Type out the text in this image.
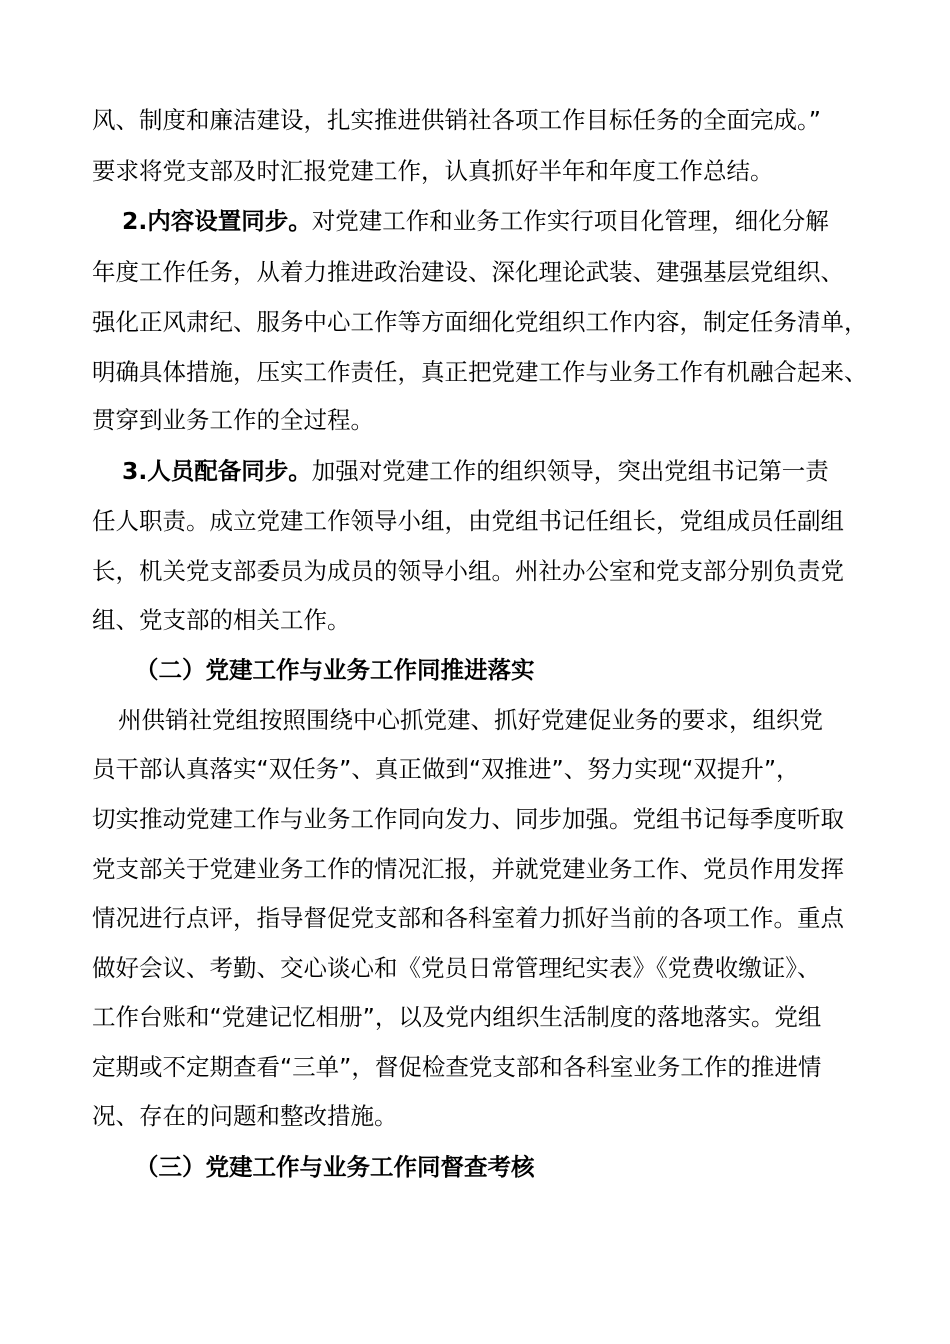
风、制度和廉洁建设，扎实推进供销社各项工作目标任务的全面完成。”
要求将党支部及时汇报党建工作，认真抓好半年和年度工作总结。
2.内容设置同步。对党建工作和业务工作实行项目化管理，细化分解
年度工作任务，从着力推进政治建设、深化理论武装、建强基层党组织、
强化正风肃纪、服务中心工作等方面细化党组织工作内容，制定任务清单，
明确具体措施，压实工作责任，真正把党建工作与业务工作有机融合起来、
贯穿到业务工作的全过程。
3.人员配备同步。加强对党建工作的组织领导，突出党组书记第一责
任人职责。成立党建工作领导小组，由党组书记任组长，党组成员任副组
长，机关党支部委员为成员的领导小组。州社办公室和党支部分别负责党
组、党支部的相关工作。
（二）党建工作与业务工作同推进落实
州供销社党组按照围绕中心抓党建、抓好党建促业务的要求，组织党
员干部认真落实“双任务”、真正做到“双推进”、努力实现“双提升”，
切实推动党建工作与业务工作同向发力、同步加强。党组书记每季度听取
党支部关于党建业务工作的情况汇报，并就党建业务工作、党员作用发挥
情况进行点评，指导督促党支部和各科室着力抓好当前的各项工作。重点
做好会议、考勤、交心谈心和《党员日常管理纪实表》《党费收缴证》、
工作台账和“党建记忆相册”，以及党内组织生活制度的落地落实。党组
定期或不定期查看“三单”，督促检查党支部和各科室业务工作的推进情
况、存在的问题和整改措施。
（三）党建工作与业务工作同督查考核
